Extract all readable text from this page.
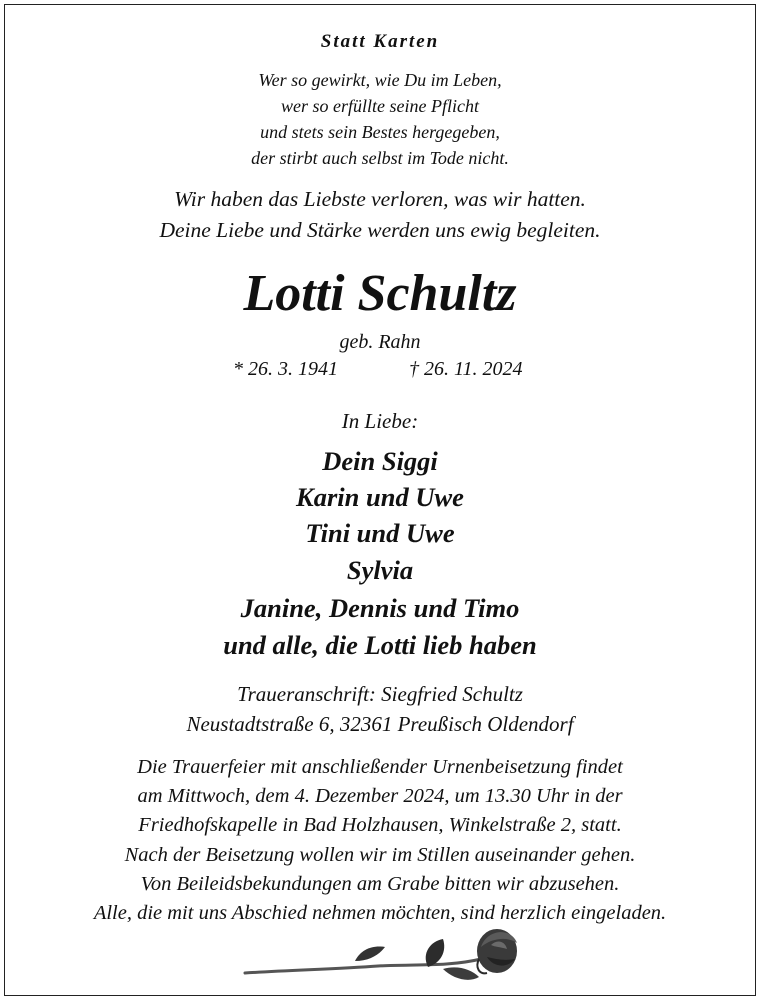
Statt Karten

Wer so gewirkt, wie Du im Leben,

wer so erfüllte seine Pflicht

und stets sein Bestes hergegeben,

der stirbt auch selbst im Tode nicht.

Wir haben das Liebste verloren, was wir hatten.

Deine Liebe und Stärke werden uns ewig begleiten.

Lotti Schultz

geb. Rahn

* 26. 3. 1941	† 26. 11. 2024

In Liebe:

Dein Siggi

Karin und Uwe

Tini und Uwe

Sylvia

Janine, Dennis und Timo

und alle, die Lotti lieb haben

Traueranschrift: Siegfried Schultz

Neustadtstraße 6, 32361 Preußisch Oldendorf

Die Trauerfeier mit anschließender Urnenbeisetzung findet

am Mittwoch, dem 4. Dezember 2024, um 13.30 Uhr in der

Friedhofskapelle in Bad Holzhausen, Winkelstraße 2, statt.

Nach der Beisetzung wollen wir im Stillen auseinander gehen.

Von Beileidsbekundungen am Grabe bitten wir abzusehen.

Alle, die mit uns Abschied nehmen möchten, sind herzlich eingeladen.
